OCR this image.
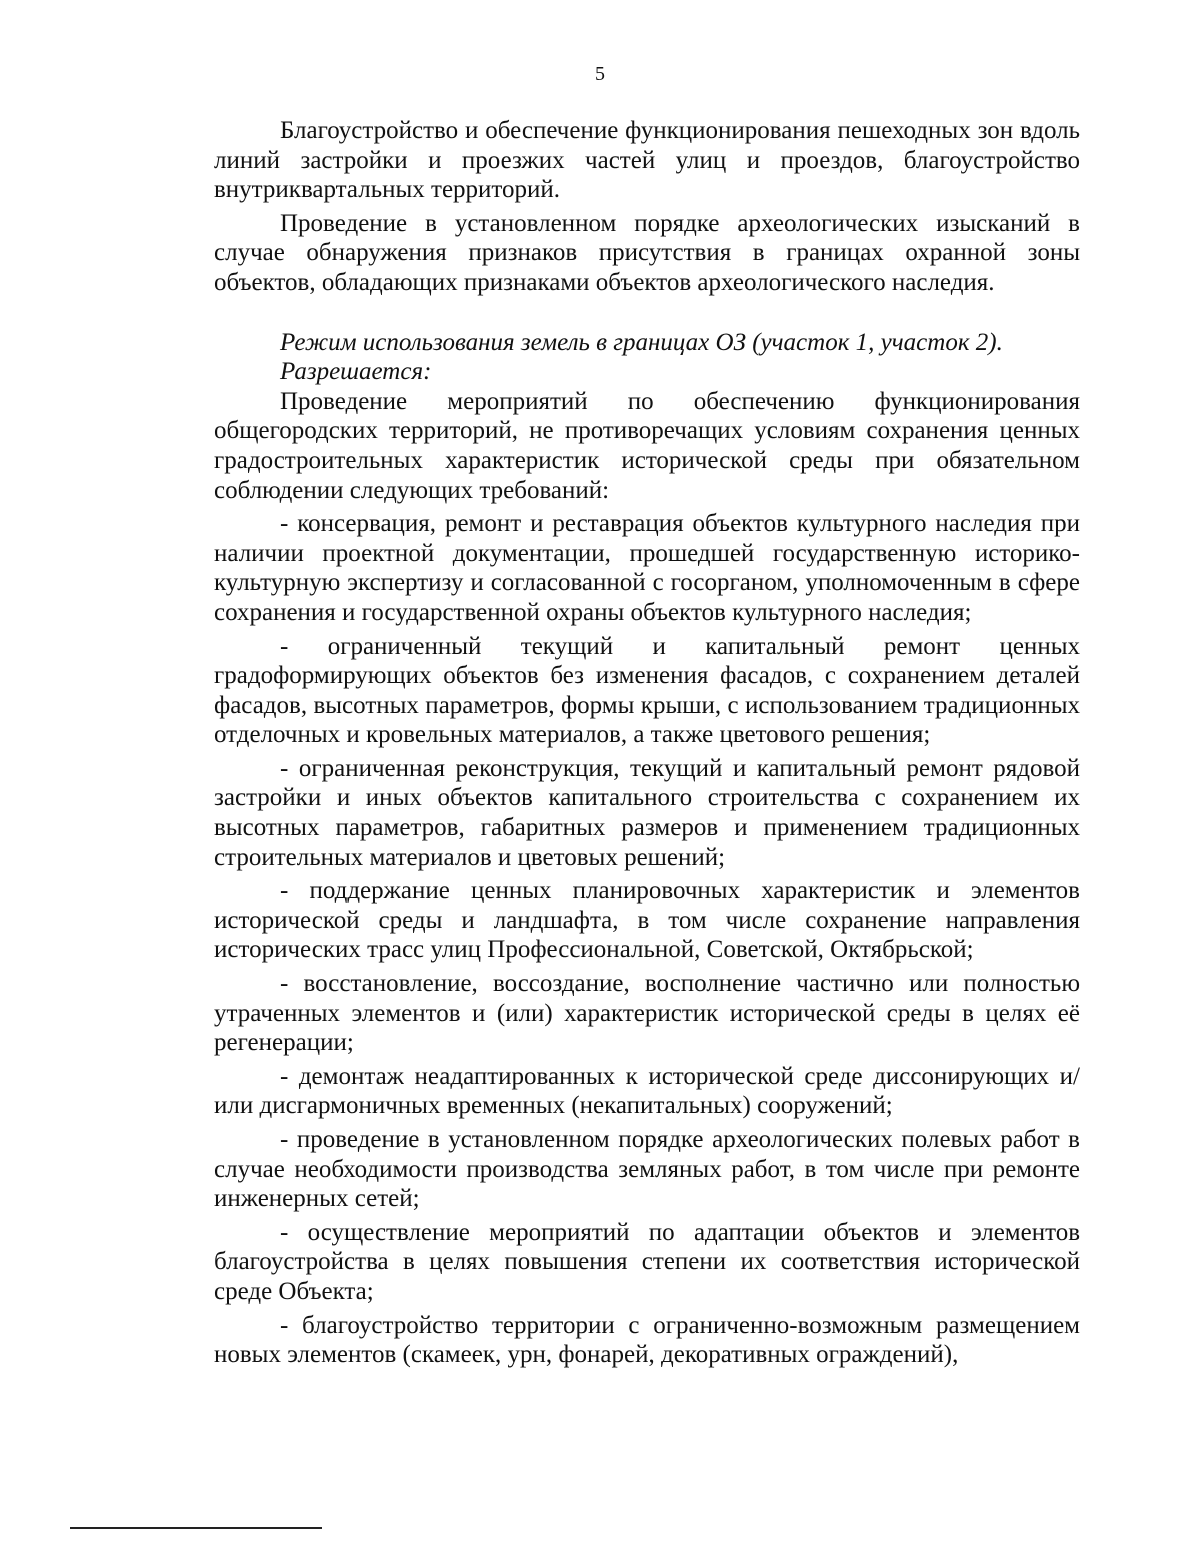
5

Благоустройство и обеспечение функционирования пешеходных зон вдоль линий застройки и проезжих частей улиц и проездов, благоустройство внутриквартальных территорий.

Проведение в установленном порядке археологических изысканий в случае обнаружения признаков присутствия в границах охранной зоны объектов, обладающих признаками объектов археологического наследия.

Режим использования земель в границах ОЗ (участок 1, участок 2).

Разрешается:

Проведение мероприятий по обеспечению функционирования общегородских территорий, не противоречащих условиям сохранения ценных градостроительных характеристик исторической среды при обязательном соблюдении следующих требований:

- консервация, ремонт и реставрация объектов культурного наследия при наличии проектной документации, прошедшей государственную историко-культурную экспертизу и согласованной с госорганом, уполномоченным в сфере сохранения и государственной охраны объектов культурного наследия;

- ограниченный текущий и капитальный ремонт ценных градоформирующих объектов без изменения фасадов, с сохранением деталей фасадов, высотных параметров, формы крыши, с использованием традиционных отделочных и кровельных материалов, а также цветового решения;

- ограниченная реконструкция, текущий и капитальный ремонт рядовой застройки и иных объектов капитального строительства с сохранением их высотных параметров, габаритных размеров и применением традиционных строительных материалов и цветовых решений;

- поддержание ценных планировочных характеристик и элементов исторической среды и ландшафта, в том числе сохранение направления исторических трасс улиц Профессиональной, Советской, Октябрьской;

- восстановление, воссоздание, восполнение частично или полностью утраченных элементов и (или) характеристик исторической среды в целях её регенерации;

- демонтаж неадаптированных к исторической среде диссонирующих и/или дисгармоничных временных (некапитальных) сооружений;

- проведение в установленном порядке археологических полевых работ в случае необходимости производства земляных работ, в том числе при ремонте инженерных сетей;

- осуществление мероприятий по адаптации объектов и элементов благоустройства в целях повышения степени их соответствия исторической среде Объекта;

- благоустройство территории с ограниченно-возможным размещением новых элементов (скамеек, урн, фонарей, декоративных ограждений),
